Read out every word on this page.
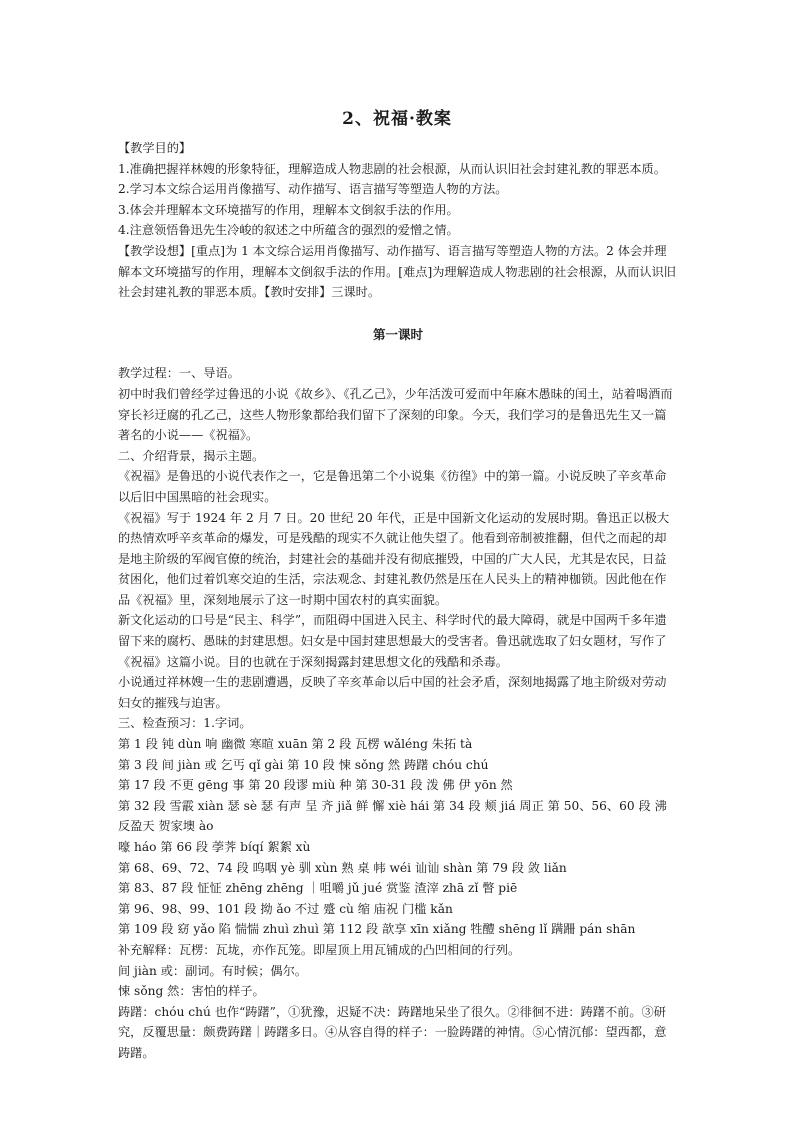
2、祝福·教案

【教学目的】

1.准确把握祥林嫂的形象特征，理解造成人物悲剧的社会根源，从而认识旧社会封建礼教的罪恶本质。

2.学习本文综合运用肖像描写、动作描写、语言描写等塑造人物的方法。

3.体会并理解本文环境描写的作用，理解本文倒叙手法的作用。

4.注意领悟鲁迅先生冷峻的叙述之中所蕴含的强烈的爱憎之情。

【教学设想】[重点]为 1 本文综合运用肖像描写、动作描写、语言描写等塑造人物的方法。2 体会并理解本文环境描写的作用，理解本文倒叙手法的作用。[难点]为理解造成人物悲剧的社会根源，从而认识旧社会封建礼教的罪恶本质。【教时安排】三课时。

第一课时

教学过程：一、导语。

初中时我们曾经学过鲁迅的小说《故乡》、《孔乙己》，少年活泼可爱而中年麻木愚昧的闰土，站着喝酒而穿长衫迂腐的孔乙己，这些人物形象都给我们留下了深刻的印象。今天，我们学习的是鲁迅先生又一篇著名的小说——《祝福》。

二、介绍背景，揭示主题。

《祝福》是鲁迅的小说代表作之一，它是鲁迅第二个小说集《彷徨》中的第一篇。小说反映了辛亥革命以后旧中国黑暗的社会现实。

《祝福》写于 1924 年 2 月 7 日。20 世纪 20 年代，正是中国新文化运动的发展时期。鲁迅正以极大的热情欢呼辛亥革命的爆发，可是残酷的现实不久就让他失望了。他看到帝制被推翻，但代之而起的却是地主阶级的军阀官僚的统治，封建社会的基础并没有彻底摧毁，中国的广大人民，尤其是农民，日益贫困化，他们过着饥寒交迫的生活，宗法观念、封建礼教仍然是压在人民头上的精神枷锁。因此他在作品《祝福》里，深刻地展示了这一时期中国农村的真实面貌。

新文化运动的口号是“民主、科学”，而阻碍中国进入民主、科学时代的最大障碍，就是中国两千多年遗留下来的腐朽、愚昧的封建思想。妇女是中国封建思想最大的受害者。鲁迅就选取了妇女题材，写作了《祝福》这篇小说。目的也就在于深刻揭露封建思想文化的残酷和杀毒。

小说通过祥林嫂一生的悲剧遭遇，反映了辛亥革命以后中国的社会矛盾，深刻地揭露了地主阶级对劳动妇女的摧残与迫害。

三、检查预习：1.字词。

第 1 段 钝 dùn 响 幽微 寒暄 xuān 第 2 段 瓦楞 wǎléng 朱拓 tà

第 3 段 间 jiàn 或 乞丐 qǐ gài 第 10 段 悚 sǒng 然 踌躇 chóu chú

第 17 段 不更 gēng 事 第 20 段谬 miù 种 第 30-31 段 泼 佛 伊 yōn 然

第 32 段 雪霰 xiàn 瑟 sè 瑟 有声 呈 齐 jiǎ 鲜 懈 xiè hái 第 34 段 颊 jiá 周正 第 50、56、60 段 沸反盈天 贺家墺 ào

嚎 háo 第 66 段 荸荠 bíqí 絮絮 xù

第 68、69、72、74 段 呜咽 yè 驯 xùn 熟 桌 帏 wéi 讪讪 shàn 第 79 段 敛 liǎn

第 83、87 段 怔怔 zhēng zhēng ｜咀嚼 jǔ jué 赏鉴 渣滓 zhā zǐ 瞥 piē

第 96、98、99、101 段 拗 ǎo 不过 蹙 cù 缩 庙祝 门槛 kǎn

第 109 段 窈 yǎo 陷 惴惴 zhuì zhuì 第 112 段 歆享 xīn xiǎng 牲醴 shēng lǐ 蹒跚 pán shān

补充解释：瓦楞：瓦垅，亦作瓦笼。即屋顶上用瓦铺成的凸凹相间的行列。

间 jiàn 或：副词。有时候；偶尔。

悚 sǒng 然：害怕的样子。

踌躇：chóu chú 也作“踌躇”，①犹豫，迟疑不决：踌躇地呆坐了很久。②徘徊不进：踌躇不前。③研究，反覆思量：颇费踌躇｜踌躇多日。④从容自得的样子：一脸踌躇的神情。⑤心情沉郁：望西都，意踌躇。
